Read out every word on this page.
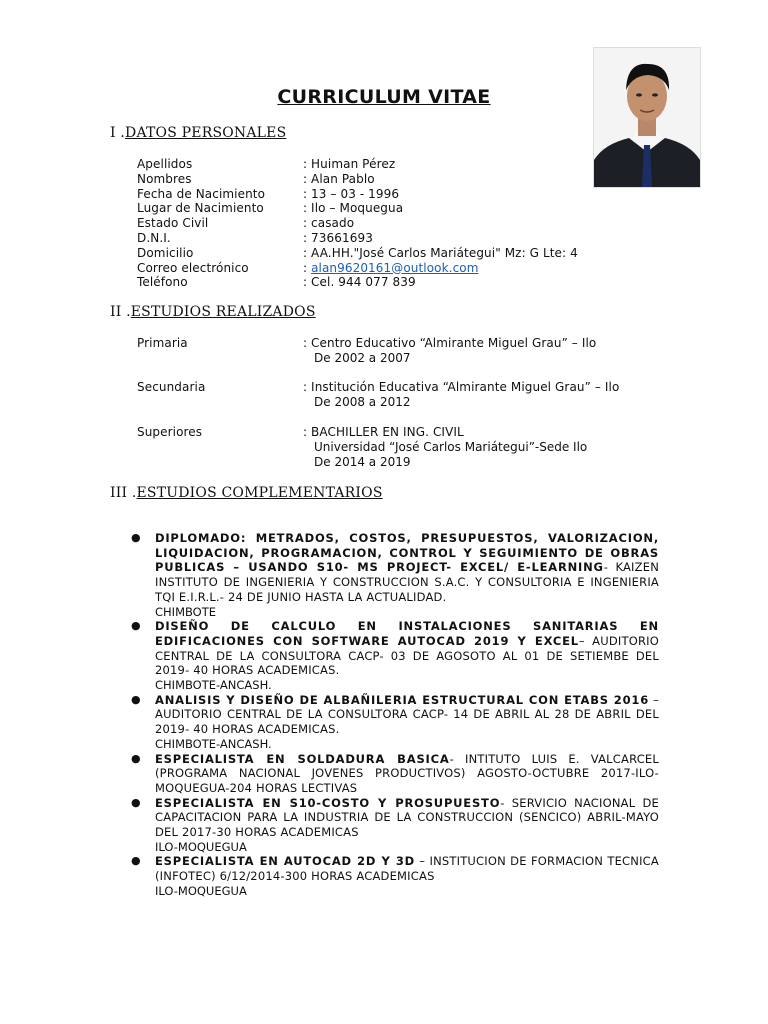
CURRICULUM VITAE
I .DATOS PERSONALES
Apellidos	: Huiman Pérez
Nombres	: Alan Pablo
Fecha de Nacimiento	: 13 – 03 - 1996
Lugar de Nacimiento	: Ilo – Moquegua
Estado Civil	: casado
D.N.I.	: 73661693
Domicilio	: AA.HH."José Carlos Mariátegui" Mz: G Lte: 4
Correo electrónico	: alan9620161@outlook.com
Teléfono	: Cel. 944 077 839
II .ESTUDIOS REALIZADOS
Primaria	: Centro Educativo “Almirante Miguel Grau” – Ilo
De 2002 a 2007
Secundaria	: Institución Educativa “Almirante Miguel Grau” – Ilo
De 2008 a 2012
Superiores	: BACHILLER EN ING. CIVIL
Universidad “José Carlos Mariátegui”-Sede Ilo
De 2014 a 2019
III .ESTUDIOS COMPLEMENTARIOS
● DIPLOMADO: METRADOS, COSTOS, PRESUPUESTOS, VALORIZACION, LIQUIDACION, PROGRAMACION, CONTROL Y SEGUIMIENTO DE OBRAS PUBLICAS – USANDO S10- MS PROJECT- EXCEL/ E-LEARNING- KAIZEN INSTITUTO DE INGENIERIA Y CONSTRUCCION S.A.C. Y CONSULTORIA E INGENIERIA TQI E.I.R.L.- 24 DE JUNIO HASTA LA ACTUALIDAD.

CHIMBOTE
● DISEÑO DE CALCULO EN INSTALACIONES SANITARIAS EN EDIFICACIONES CON SOFTWARE AUTOCAD 2019 Y EXCEL– AUDITORIO CENTRAL DE LA CONSULTORA CACP- 03 DE AGOSOTO AL 01 DE SETIEMBE DEL 2019- 40 HORAS ACADEMICAS.

CHIMBOTE-ANCASH.
● ANALISIS Y DISEÑO DE ALBAÑILERIA ESTRUCTURAL CON ETABS 2016 – AUDITORIO CENTRAL DE LA CONSULTORA CACP- 14 DE ABRIL AL 28 DE ABRIL DEL 2019- 40 HORAS ACADEMICAS.

CHIMBOTE-ANCASH.
● ESPECIALISTA EN SOLDADURA BASICA- INTITUTO LUIS E. VALCARCEL (PROGRAMA NACIONAL JOVENES PRODUCTIVOS) AGOSTO-OCTUBRE 2017-ILO-MOQUEGUA-204 HORAS LECTIVAS

● ESPECIALISTA EN S10-COSTO Y PROSUPUESTO- SERVICIO NACIONAL DE CAPACITACION PARA LA INDUSTRIA DE LA CONSTRUCCION (SENCICO) ABRIL-MAYO DEL 2017-30 HORAS ACADEMICAS

ILO-MOQUEGUA
● ESPECIALISTA EN AUTOCAD 2D Y 3D – INSTITUCION DE FORMACION TECNICA (INFOTEC) 6/12/2014-300 HORAS ACADEMICAS

ILO-MOQUEGUA
